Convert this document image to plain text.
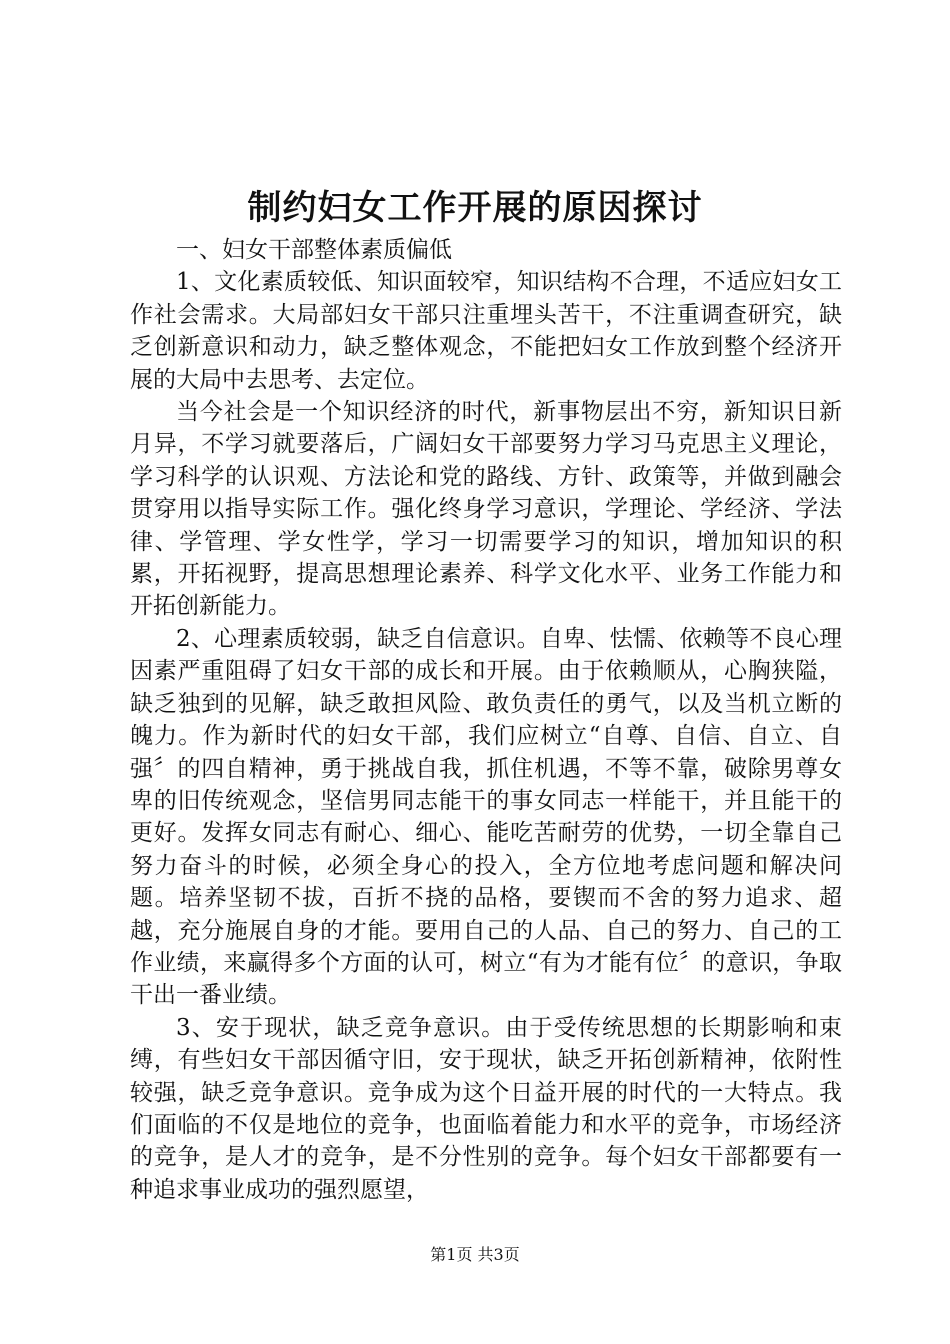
制约妇女工作开展的原因探讨

一、妇女干部整体素质偏低

1、文化素质较低、知识面较窄，知识结构不合理，不适应妇女工作社会需求。大局部妇女干部只注重埋头苦干，不注重调查研究，缺乏创新意识和动力，缺乏整体观念，不能把妇女工作放到整个经济开展的大局中去思考、去定位。

当今社会是一个知识经济的时代，新事物层出不穷，新知识日新月异，不学习就要落后，广阔妇女干部要努力学习马克思主义理论，学习科学的认识观、方法论和党的路线、方针、政策等，并做到融会贯穿用以指导实际工作。强化终身学习意识，学理论、学经济、学法律、学管理、学女性学，学习一切需要学习的知识，增加知识的积累，开拓视野，提高思想理论素养、科学文化水平、业务工作能力和开拓创新能力。

2、心理素质较弱，缺乏自信意识。自卑、怯懦、依赖等不良心理因素严重阻碍了妇女干部的成长和开展。由于依赖顺从，心胸狭隘，缺乏独到的见解，缺乏敢担风险、敢负责任的勇气，以及当机立断的魄力。作为新时代的妇女干部，我们应树立“自尊、自信、自立、自强〞的四自精神，勇于挑战自我，抓住机遇，不等不靠，破除男尊女卑的旧传统观念，坚信男同志能干的事女同志一样能干，并且能干的更好。发挥女同志有耐心、细心、能吃苦耐劳的优势，一切全靠自己努力奋斗的时候，必须全身心的投入，全方位地考虑问题和解决问题。培养坚韧不拔，百折不挠的品格，要锲而不舍的努力追求、超越，充分施展自身的才能。要用自己的人品、自己的努力、自己的工作业绩，来赢得多个方面的认可，树立“有为才能有位〞的意识，争取干出一番业绩。

3、安于现状，缺乏竞争意识。由于受传统思想的长期影响和束缚，有些妇女干部因循守旧，安于现状，缺乏开拓创新精神，依附性较强，缺乏竞争意识。竞争成为这个日益开展的时代的一大特点。我们面临的不仅是地位的竞争，也面临着能力和水平的竞争，市场经济的竞争，是人才的竞争，是不分性别的竞争。每个妇女干部都要有一种追求事业成功的强烈愿望，

第1页 共3页
